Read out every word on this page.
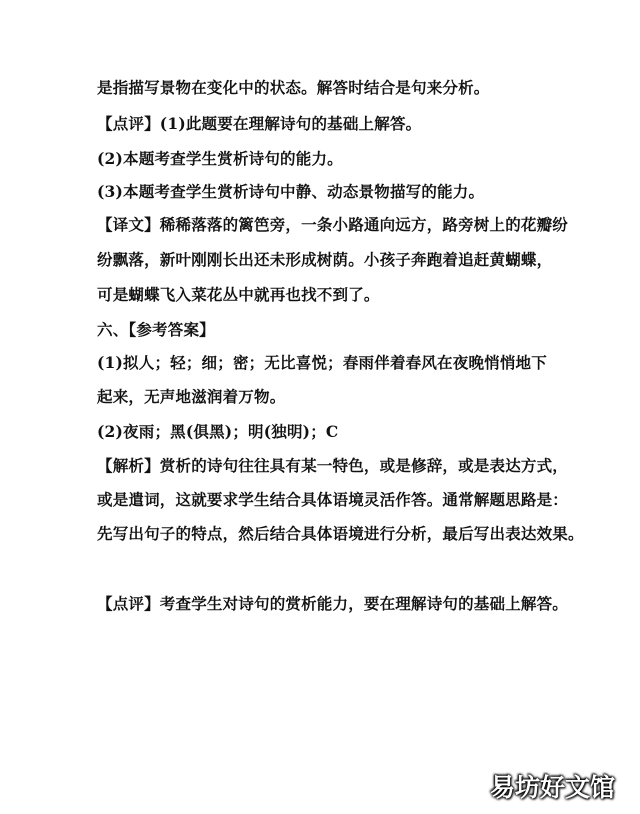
是指描写景物在变化中的状态。解答时结合是句来分析。
【点评】(1)此题要在理解诗句的基础上解答。
(2)本题考查学生赏析诗句的能力。
(3)本题考查学生赏析诗句中静、动态景物描写的能力。
【译文】稀稀落落的篱笆旁，一条小路通向远方，路旁树上的花瓣纷
纷飘落，新叶刚刚长出还未形成树荫。小孩子奔跑着追赶黄蝴蝶，
可是蝴蝶飞入菜花丛中就再也找不到了。
六、【参考答案】
(1)拟人；轻；细；密；无比喜悦；春雨伴着春风在夜晚悄悄地下
起来，无声地滋润着万物。
(2)夜雨；黑(俱黑)；明(独明)；C
【解析】赏析的诗句往往具有某一特色，或是修辞，或是表达方式，
或是遣词，这就要求学生结合具体语境灵活作答。通常解题思路是：
先写出句子的特点，然后结合具体语境进行分析，最后写出表达效果。
【点评】考查学生对诗句的赏析能力，要在理解诗句的基础上解答。
易坊好文馆
